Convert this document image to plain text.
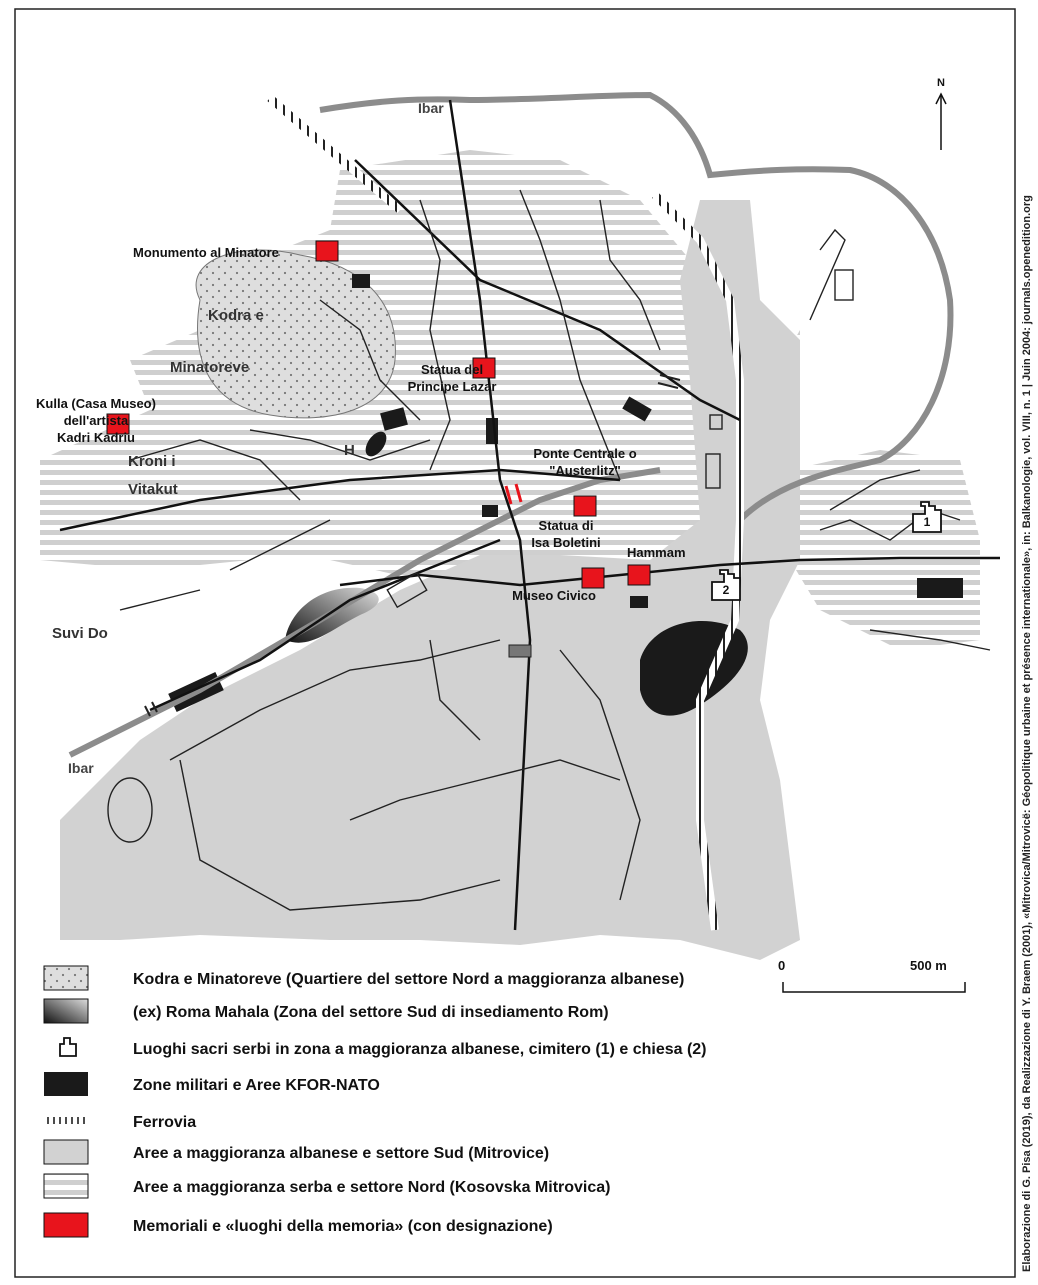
1
2
N
Ibar
Ibar
Kodra e
Minatoreve
Kroni i
Vitakut
Suvi Do
H
Monumento al Minatore
Statua del
Principe Lazar
Kulla (Casa Museo)
dell'artista
Kadri Kadriu
Ponte Centrale o
"Austerlitz"
Statua di
Isa Boletini
Hammam
Museo Civico
0	500 m
Kodra e Minatoreve (Quartiere del settore Nord a maggioranza albanese)
(ex) Roma Mahala (Zona del settore Sud di insediamento Rom)
Luoghi sacri serbi in zona a maggioranza albanese, cimitero (1) e chiesa (2)
Zone militari e Aree KFOR-NATO
Ferrovia
Aree a maggioranza albanese e settore Sud (Mitrovice)
Aree a maggioranza serba e settore Nord (Kosovska Mitrovica)
Memoriali e «luoghi della memoria» (con designazione)	Elaborazione di G. Pisa (2019), da Realizzazione di Y. Braem (2001), «Mitrovica/Mitrovicë: Géopolitique urbaine et présence internationale», in: Balkanologie, vol. VIII, n. 1 | Juin 2004: journals.openedition.org
